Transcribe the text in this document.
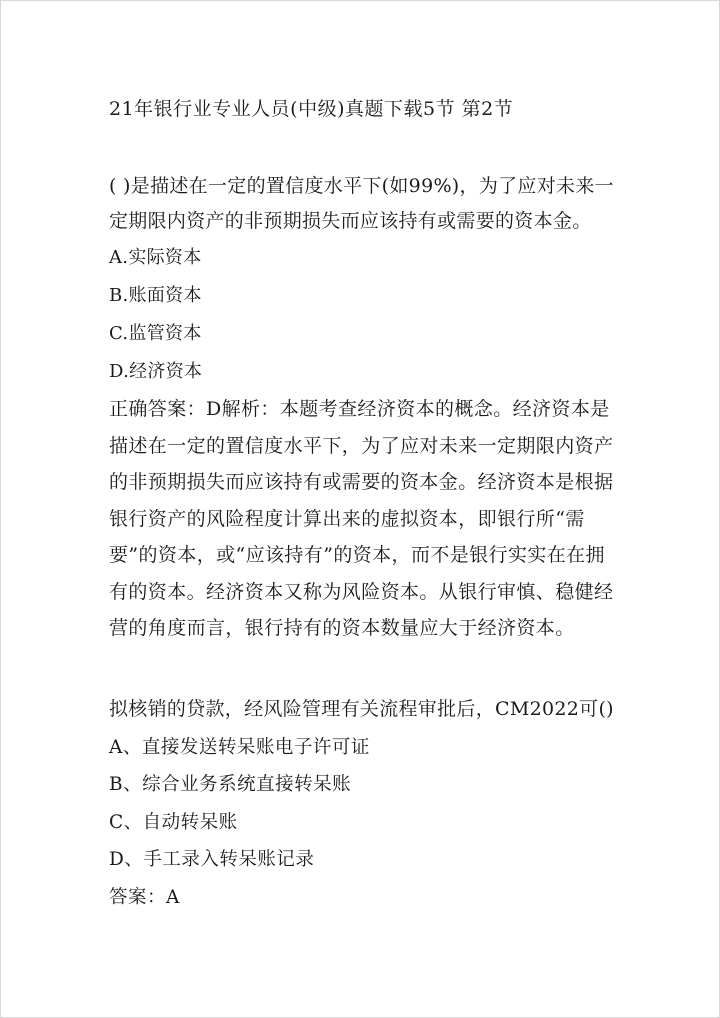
21年银行业专业人员(中级)真题下载5节 第2节

( )是描述在一定的置信度水平下(如99%)，为了应对未来一定期限内资产的非预期损失而应该持有或需要的资本金。

A.实际资本

B.账面资本

C.监管资本

D.经济资本

正确答案：D解析：本题考查经济资本的概念。经济资本是描述在一定的置信度水平下，为了应对未来一定期限内资产的非预期损失而应该持有或需要的资本金。经济资本是根据银行资产的风险程度计算出来的虚拟资本，即银行所“需要”的资本，或“应该持有”的资本，而不是银行实实在在拥有的资本。经济资本又称为风险资本。从银行审慎、稳健经营的角度而言，银行持有的资本数量应大于经济资本。

拟核销的贷款，经风险管理有关流程审批后，CM2022可()

A、直接发送转呆账电子许可证

B、综合业务系统直接转呆账

C、自动转呆账

D、手工录入转呆账记录

答案：A
